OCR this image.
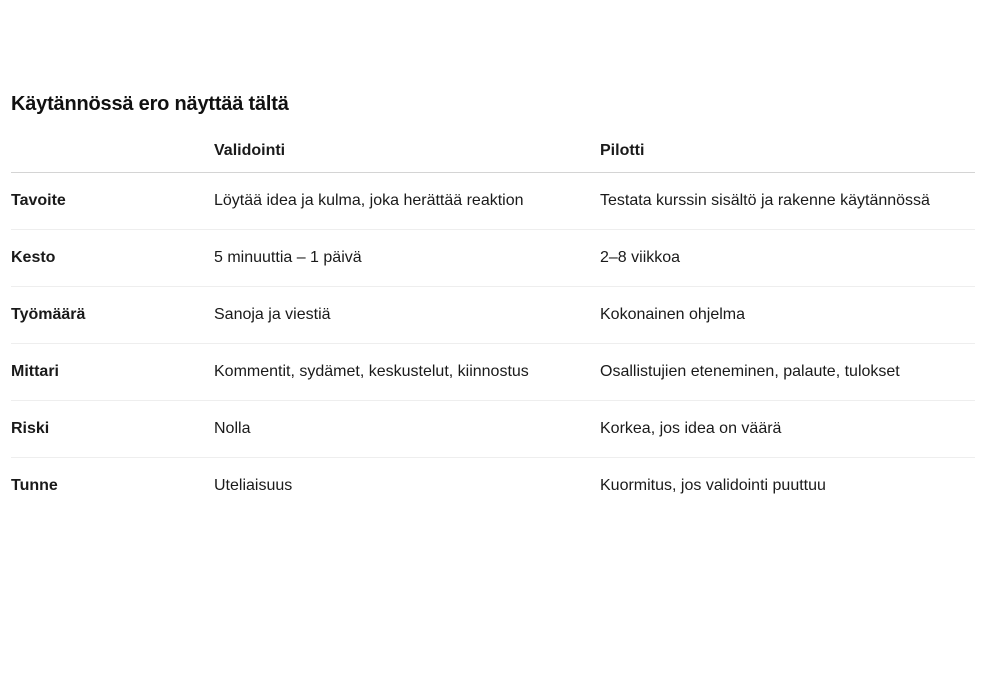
Käytännössä ero näyttää tältä
	Validointi	Pilotti
Tavoite	Löytää idea ja kulma, joka herättää reaktion	Testata kurssin sisältö ja rakenne käytännössä
Kesto	5 minuuttia – 1 päivä	2–8 viikkoa
Työmäärä	Sanoja ja viestiä	Kokonainen ohjelma
Mittari	Kommentit, sydämet, keskustelut, kiinnostus	Osallistujien eteneminen, palaute, tulokset
Riski	Nolla	Korkea, jos idea on väärä
Tunne	Uteliaisuus	Kuormitus, jos validointi puuttuu
